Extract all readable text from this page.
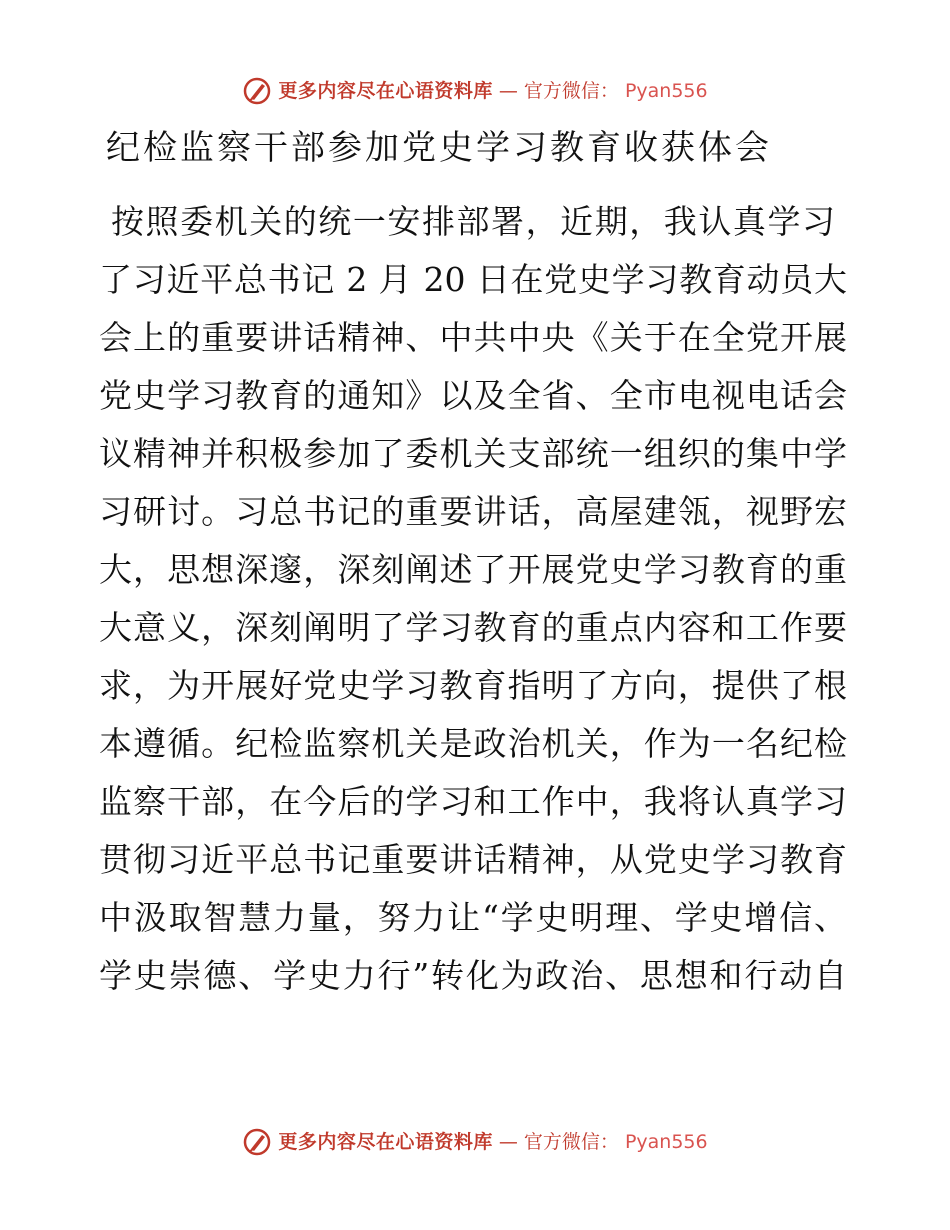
更多内容尽在心语资料库 — 官方微信： Pyan556
纪检监察干部参加党史学习教育收获体会
按照委机关的统一安排部署，近期，我认真学习
了习近平总书记 2 月 20 日在党史学习教育动员大
会上的重要讲话精神、中共中央《关于在全党开展
党史学习教育的通知》以及全省、全市电视电话会
议精神并积极参加了委机关支部统一组织的集中学
习研讨。习总书记的重要讲话，高屋建瓴，视野宏
大，思想深邃，深刻阐述了开展党史学习教育的重
大意义，深刻阐明了学习教育的重点内容和工作要
求，为开展好党史学习教育指明了方向，提供了根
本遵循。纪检监察机关是政治机关，作为一名纪检
监察干部，在今后的学习和工作中，我将认真学习
贯彻习近平总书记重要讲话精神，从党史学习教育
中汲取智慧力量，努力让“学史明理、学史增信、
学史崇德、学史力行”转化为政治、思想和行动自
更多内容尽在心语资料库 — 官方微信： Pyan556
